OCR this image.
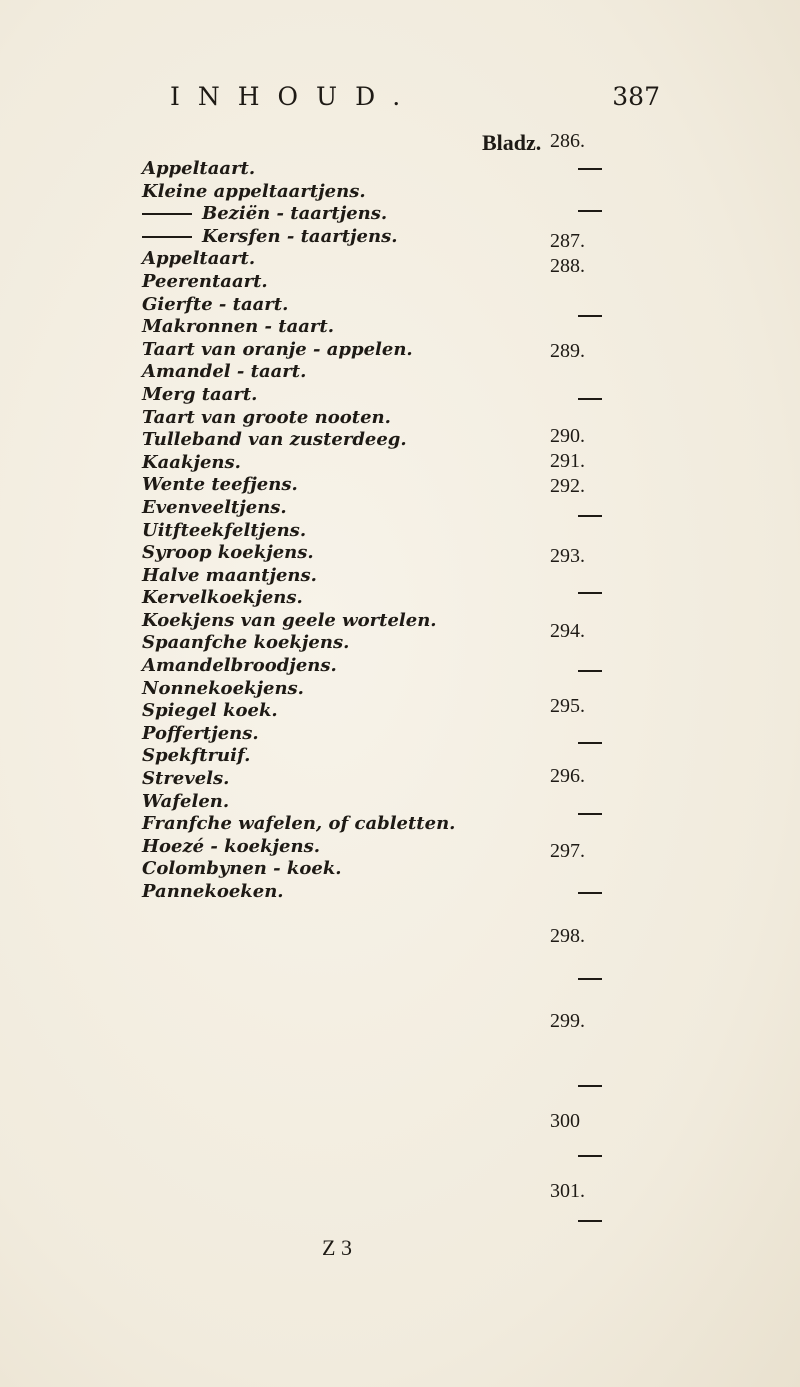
INHOUD.	387
Bladz.
Appeltaart.
Kleine appeltaartjens.
Beziën - taartjens.
Kersfen - taartjens.
Appeltaart.
Peerentaart.
Gierfte - taart.
Makronnen - taart.
Taart van oranje - appelen.
Amandel - taart.
Merg taart.
Taart van groote nooten.
Tulleband van zusterdeeg.
Kaakjens.
Wente teefjens.
Evenveeltjens.
Uitfteekfeltjens.
Syroop koekjens.
Halve maantjens.
Kervelkoekjens.
Koekjens van geele wortelen.
Spaanfche koekjens.
Amandelbroodjens.
Nonnekoekjens.
Spiegel koek.
Poffertjens.
Spekftruif.
Strevels.
Wafelen.
Franfche wafelen, of cabletten.
Hoezé - koekjens.
Colombynen - koek.
Pannekoeken.
286.
287.
288.
289.
290.
291.
292.
293.
294.
295.
296.
297.
298.
299.
300
301.
Z 3
